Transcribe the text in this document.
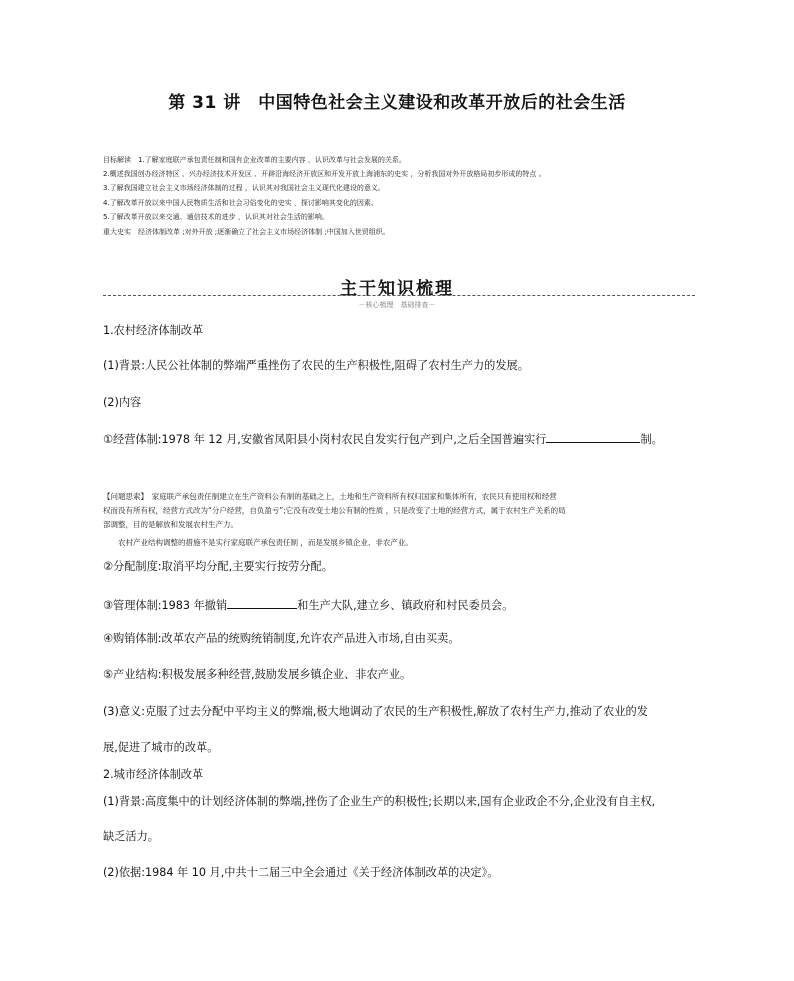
第 31 讲　中国特色社会主义建设和改革开放后的社会生活
目标解读　1.了解家庭联产承包责任制和国有企业改革的主要内容 ，认识改革与社会发展的关系。
2.概述我国创办经济特区 、兴办经济技术开发区 、开辟沿海经济开放区和开发开放上海浦东的史实 ，分析我国对外开放格局初步形成的特点 。
3.了解我国建立社会主义市场经济体制的过程 ，认识其对我国社会主义现代化建设的意义。
4.了解改革开放以来中国人民物质生活和社会习俗变化的史实 ，探讨影响其变化的因素。
5.了解改革开放以来交通、通信技术的进步 ，认识其对社会生活的影响。
重大史实　经济体制改革 ;对外开放 ;逐渐确立了社会主义市场经济体制 ;中国加入世贸组织。
主干知识梳理
－核心梳理　基础排查－
1.农村经济体制改革
(1)背景:人民公社体制的弊端严重挫伤了农民的生产积极性,阻碍了农村生产力的发展。
(2)内容
①经营体制:1978 年 12 月,安徽省凤阳县小岗村农民自发实行包产到户,之后全国普遍实行	制。
【问题思索】　家庭联产承包责任制建立在生产资料公有制的基础之上，土地和生产资料所有权归国家和集体所有，农民只有使用权和经营
权而没有所有权，经营方式改为“分户经营，自负盈亏”;它没有改变土地公有制的性质 ，只是改变了土地的经营方式，属于农村生产关系的局
部调整，目的是解放和发展农村生产力。
　　农村产业结构调整的措施不是实行家庭联产承包责任制 ，而是发展乡镇企业、非农产业。
②分配制度:取消平均分配,主要实行按劳分配。
③管理体制:1983 年撤销	和生产大队,建立乡、镇政府和村民委员会。
④购销体制:改革农产品的统购统销制度,允许农产品进入市场,自由买卖。
⑤产业结构:积极发展多种经营,鼓励发展乡镇企业、非农产业。
(3)意义:克服了过去分配中平均主义的弊端,极大地调动了农民的生产积极性,解放了农村生产力,推动了农业的发
展,促进了城市的改革。
2.城市经济体制改革
(1)背景:高度集中的计划经济体制的弊端,挫伤了企业生产的积极性;长期以来,国有企业政企不分,企业没有自主权,
缺乏活力。
(2)依据:1984 年 10 月,中共十二届三中全会通过《关于经济体制改革的决定》。
